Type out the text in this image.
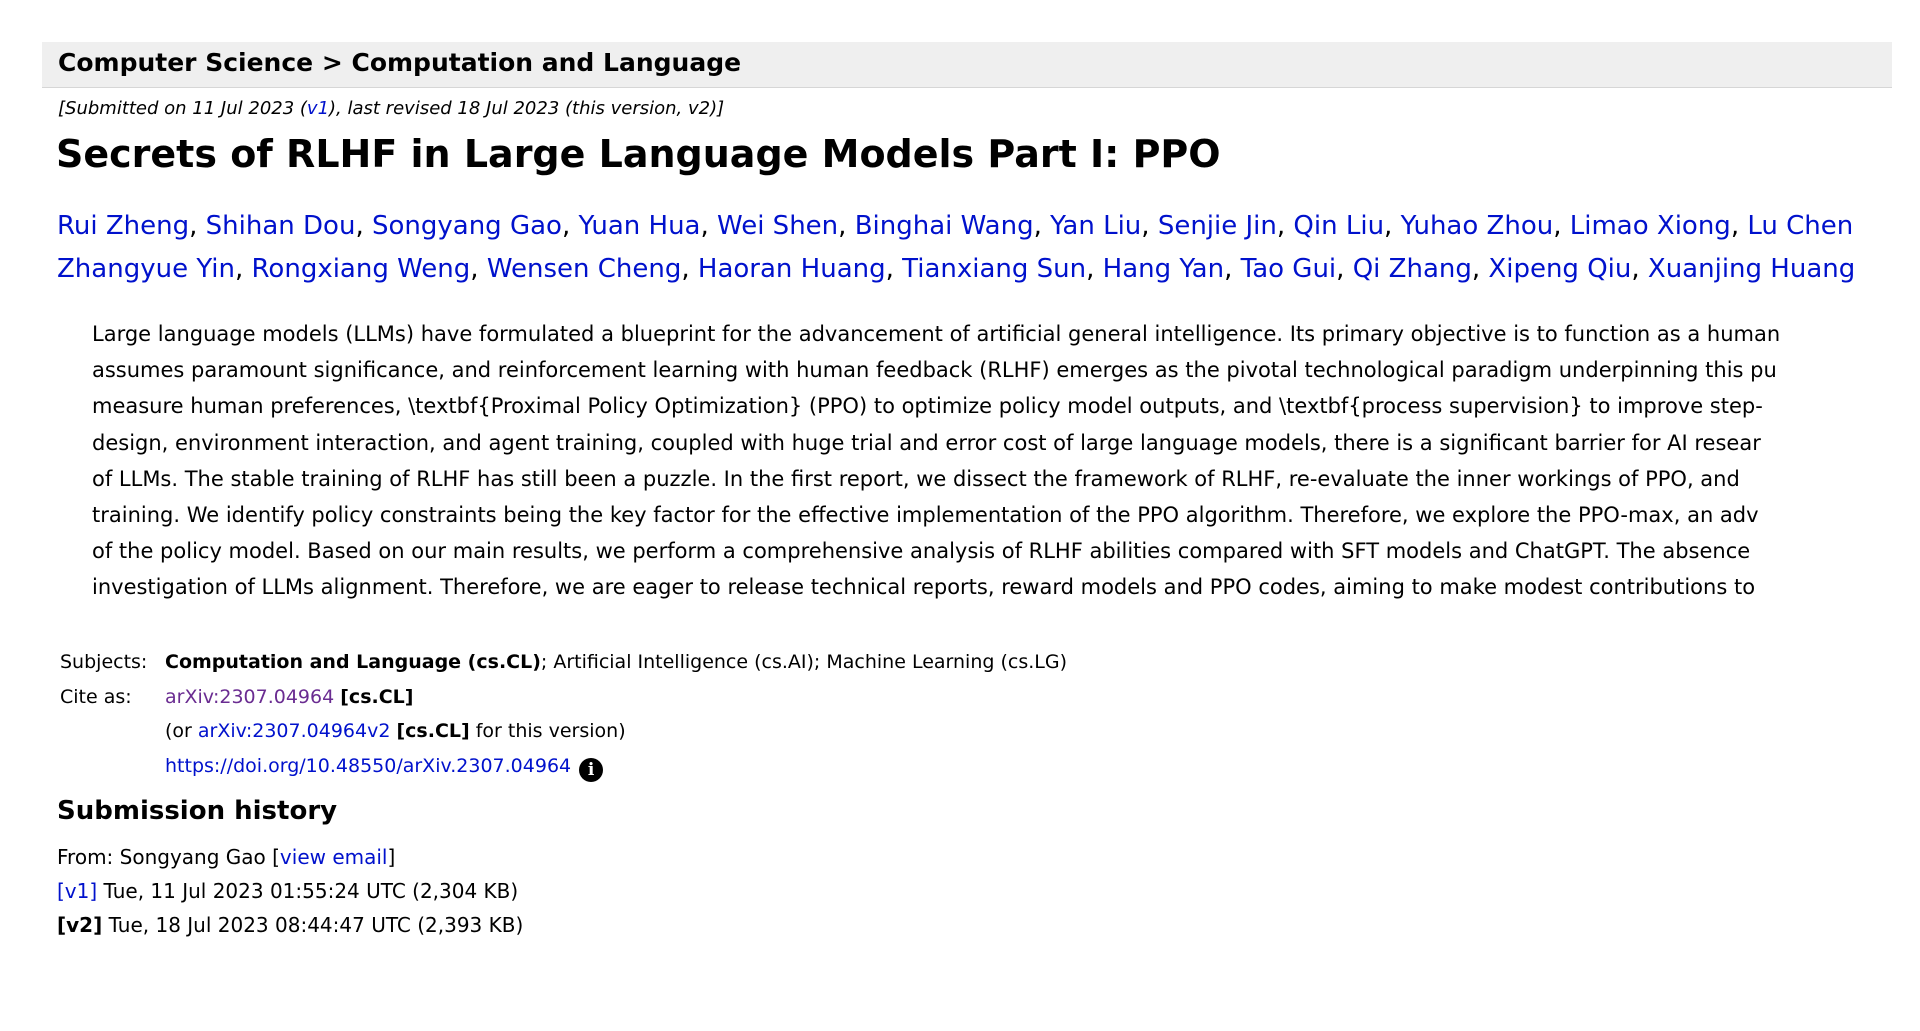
Computer Science > Computation and Language
[Submitted on 11 Jul 2023 (v1), last revised 18 Jul 2023 (this version, v2)]
Secrets of RLHF in Large Language Models Part I: PPO
Rui Zheng, Shihan Dou, Songyang Gao, Yuan Hua, Wei Shen, Binghai Wang, Yan Liu, Senjie Jin, Qin Liu, Yuhao Zhou, Limao Xiong, Lu Chen
Zhangyue Yin, Rongxiang Weng, Wensen Cheng, Haoran Huang, Tianxiang Sun, Hang Yan, Tao Gui, Qi Zhang, Xipeng Qiu, Xuanjing Huang
Large language models (LLMs) have formulated a blueprint for the advancement of artificial general intelligence. Its primary objective is to function as a human
assumes paramount significance, and reinforcement learning with human feedback (RLHF) emerges as the pivotal technological paradigm underpinning this pu
measure human preferences, \textbf{Proximal Policy Optimization} (PPO) to optimize policy model outputs, and \textbf{process supervision} to improve step-
design, environment interaction, and agent training, coupled with huge trial and error cost of large language models, there is a significant barrier for AI resear
of LLMs. The stable training of RLHF has still been a puzzle. In the first report, we dissect the framework of RLHF, re-evaluate the inner workings of PPO, and
training. We identify policy constraints being the key factor for the effective implementation of the PPO algorithm. Therefore, we explore the PPO-max, an adv
of the policy model. Based on our main results, we perform a comprehensive analysis of RLHF abilities compared with SFT models and ChatGPT. The absence
investigation of LLMs alignment. Therefore, we are eager to release technical reports, reward models and PPO codes, aiming to make modest contributions to
Subjects: Computation and Language (cs.CL); Artificial Intelligence (cs.AI); Machine Learning (cs.LG)
Cite as:	arXiv:2307.04964 [cs.CL]
(or arXiv:2307.04964v2 [cs.CL] for this version)
https://doi.org/10.48550/arXiv.2307.04964 i
Submission history
From: Songyang Gao [view email]
[v1] Tue, 11 Jul 2023 01:55:24 UTC (2,304 KB)
[v2] Tue, 18 Jul 2023 08:44:47 UTC (2,393 KB)
